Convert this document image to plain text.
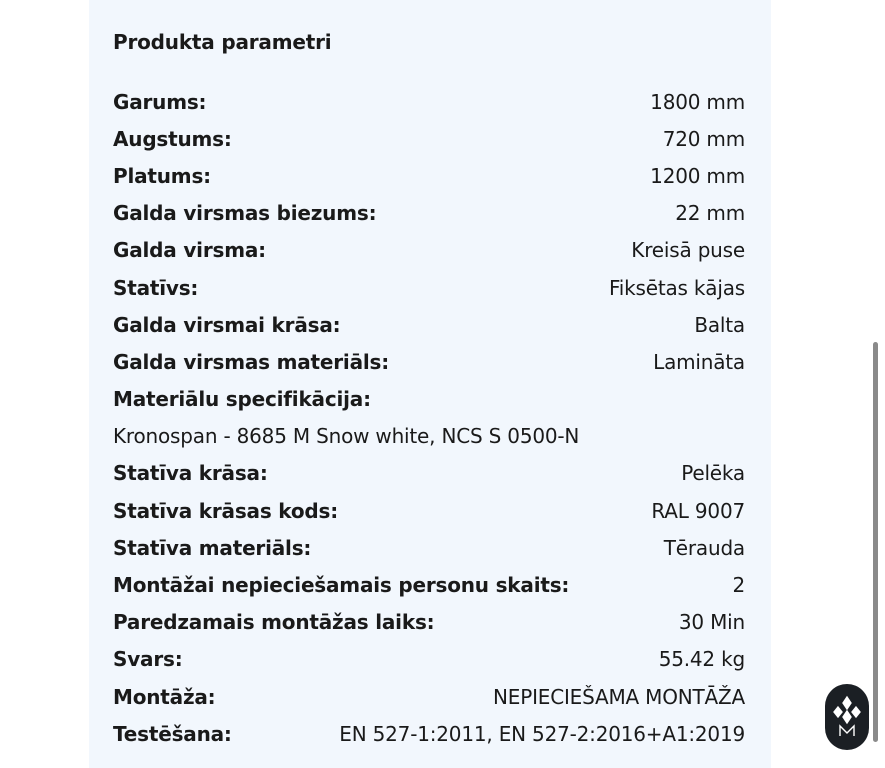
Produkta parametri
Garums:	1800 mm
Augstums:	720 mm
Platums:	1200 mm
Galda virsmas biezums:	22 mm
Galda virsma:	Kreisā puse
Statīvs:	Fiksētas kājas
Galda virsmai krāsa:	Balta
Galda virsmas materiāls:	Lamināta
Materiālu specifikācija:
Kronospan - 8685 M Snow white, NCS S 0500-N
Statīva krāsa:	Pelēka
Statīva krāsas kods:	RAL 9007
Statīva materiāls:	Tērauda
Montāžai nepieciešamais personu skaits:	2
Paredzamais montāžas laiks:	30 Min
Svars:	55.42 kg
Montāža:	NEPIECIEŠAMA MONTĀŽA
Testēšana:	EN 527-1:2011, EN 527-2:2016+A1:2019
